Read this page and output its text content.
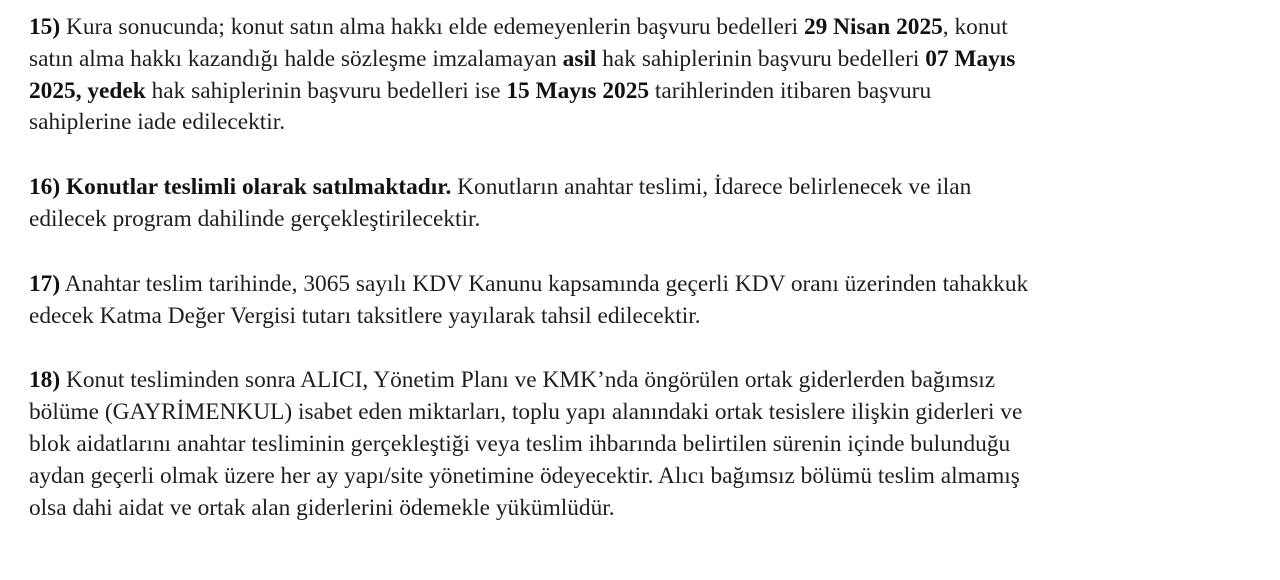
15) Kura sonucunda; konut satın alma hakkı elde edemeyenlerin başvuru bedelleri 29 Nisan 2025, konutsatın alma hakkı kazandığı halde sözleşme imzalamayan asil hak sahiplerinin başvuru bedelleri 07 Mayıs2025, yedek hak sahiplerinin başvuru bedelleri ise 15 Mayıs 2025 tarihlerinden itibaren başvurusahiplerine iade edilecektir.
16) Konutlar teslimli olarak satılmaktadır. Konutların anahtar teslimi, İdarece belirlenecek ve ilanedilecek program dahilinde gerçekleştirilecektir.
17) Anahtar teslim tarihinde, 3065 sayılı KDV Kanunu kapsamında geçerli KDV oranı üzerinden tahakkukedecek Katma Değer Vergisi tutarı taksitlere yayılarak tahsil edilecektir.
18) Konut tesliminden sonra ALICI, Yönetim Planı ve KMK’nda öngörülen ortak giderlerden bağımsızbölüme (GAYRİMENKUL) isabet eden miktarları, toplu yapı alanındaki ortak tesislere ilişkin giderleri veblok aidatlarını anahtar tesliminin gerçekleştiği veya teslim ihbarında belirtilen sürenin içinde bulunduğuaydan geçerli olmak üzere her ay yapı/site yönetimine ödeyecektir. Alıcı bağımsız bölümü teslim almamışolsa dahi aidat ve ortak alan giderlerini ödemekle yükümlüdür.
